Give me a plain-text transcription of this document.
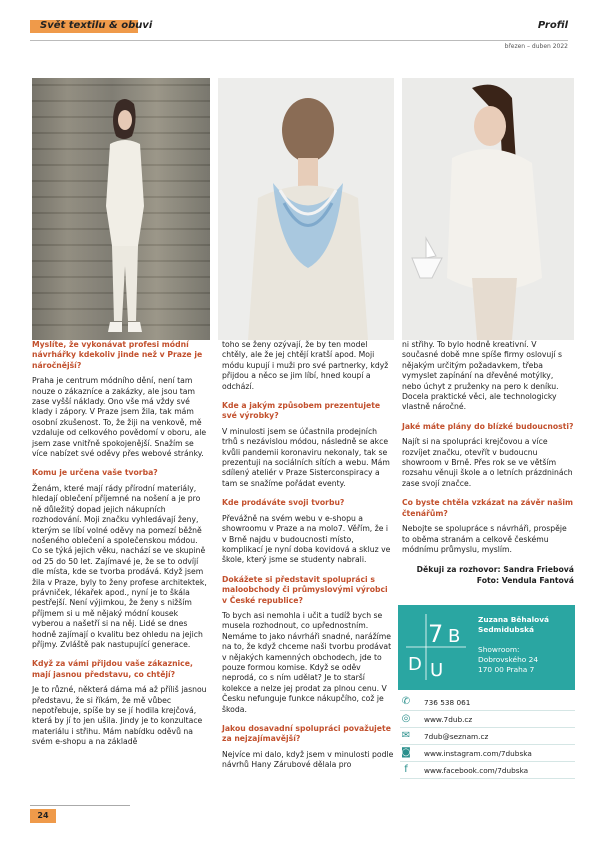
Svět textilu & obuvi	Profil
březen – duben 2022

Myslíte, že vykonávat profesi módní návrhářky kdekoliv jinde než v Praze je náročnější?

Praha je centrum módního dění, není tam nouze o zákazníce a zakázky, ale jsou tam zase vyšší náklady. Ono vše má vždy své klady i zápory. V Praze jsem žila, tak mám osobní zkušenost. To, že žiji na venkově, mě vzdaluje od celkového povědomí v oboru, ale jsem zase vnitřně spokojenější. Snažím se více nabízet své oděvy přes webové stránky.

Komu je určena vaše tvorba?

Ženám, které mají rády přírodní materiály, hledají oblečení příjemné na nošení a je pro ně důležitý dopad jejich nákupních rozhodování. Moji značku vyhledávají ženy, kterým se líbí volné oděvy na pomezí běžně nošeného oblečení a společenskou módou. Co se týká jejich věku, nachází se ve skupině od 25 do 50 let. Zajímavé je, že se to odvíjí dle místa, kde se tvorba prodává. Když jsem žila v Praze, byly to ženy profese architektek, právniček, lékařek apod., nyní je to škála pestřejší. Není výjimkou, že ženy s nižším příjmem si u mě nějaký módní kousek vyberou a našetří si na něj. Lidé se dnes hodně zajímají o kvalitu bez ohledu na jejich příjmy. Zvláště pak nastupující generace.

Když za vámi přijdou vaše zákaznice, mají jasnou představu, co chtějí?

Je to různé, některá dáma má až příliš jasnou představu, že si říkám, že mě vůbec nepotřebuje, spíše by se jí hodila krejčová, která by jí to jen ušila. Jindy je to konzultace materiálu i střihu. Mám nabídku oděvů na svém e-shopu a na základě

toho se ženy ozývají, že by ten model chtěly, ale že jej chtějí kratší apod. Moji módu kupují i muži pro své partnerky, když přijdou a něco se jim líbí, hned koupí a odchází.

Kde a jakým způsobem prezentujete své výrobky?

V minulosti jsem se účastnila prodejních trhů s nezávislou módou, následně se akce kvůli pandemii koronaviru nekonaly, tak se prezentuji na sociálních sítích a webu. Mám sdílený ateliér v Praze Sisterconspiracy a tam se snažíme pořádat eventy.

Kde prodáváte svoji tvorbu?

Převážně na svém webu v e-shopu a showroomu v Praze a na molo7. Věřím, že i v Brně najdu v budoucnosti místo, komplikací je nyní doba kovidová a skluz ve škole, který jsme se studenty nabrali.

Dokážete si představit spolupráci s maloobchody či průmyslovými výrobci v České republice?

To bych asi nemohla i učit a tudíž bych se musela rozhodnout, co upřednostním. Nemáme to jako návrháři snadné, narážíme na to, že když chceme naši tvorbu prodávat v nějakých kamenných obchodech, jde to pouze formou komise. Když se oděv neprodá, co s ním udělat? Je to starší kolekce a nelze jej prodat za plnou cenu. V Česku nefunguje funkce nákupčího, což je škoda.

Jakou dosavadní spolupráci považujete za nejzajímavější?

Nejvíce mi dalo, když jsem v minulosti podle návrhů Hany Zárubové dělala pro

ni střihy. To bylo hodně kreativní. V současné době mne spíše firmy oslovují s nějakým určitým požadavkem, třeba vymyslet zapínání na dřevěné motýlky, nebo úchyt z pruženky na pero k deníku. Docela praktické věci, ale technologicky vlastně náročné.

Jaké máte plány do blízké budoucnosti?

Najít si na spolupráci krejčovou a více rozvíjet značku, otevřít v budoucnu showroom v Brně. Přes rok se ve větším rozsahu věnuji škole a o letních prázdninách zase svojí značce.

Co byste chtěla vzkázat na závěr našim čtenářům?

Nebojte se spolupráce s návrháři, prospěje to oběma stranám a celkově českému módnímu průmyslu, myslím.

Děkuji za rozhovor: Sandra Friebová
Foto: Vendula Fantová
7
D U
B
Zuzana Běhalová
Sedmidubská
Showroom:
Dobrovského 24
170 00 Praha 7
✆ 736 538 061
◎ www.7dub.cz
✉ 7dub@seznam.cz
◙ www.instagram.com/7dubska
f	www.facebook.com/7dubska
24
